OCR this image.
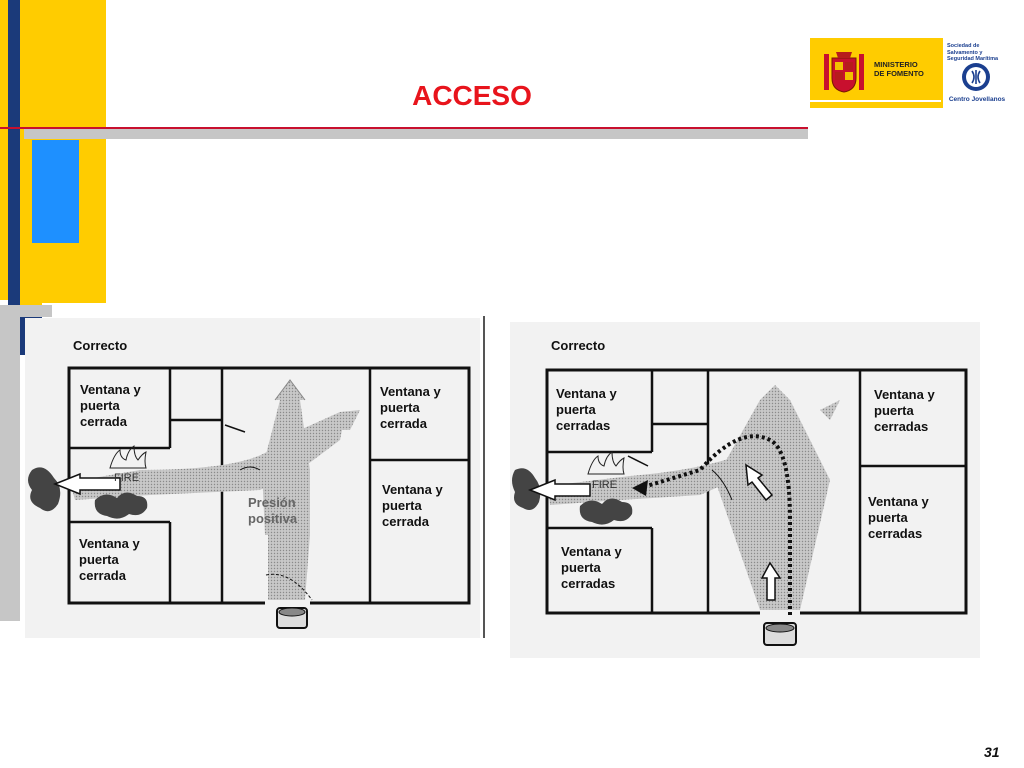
ACCESO
MINISTERIO
DE FOMENTO
Sociedad de Salvamento y Seguridad Marítima
Centro Jovellanos
Correcto
Ventana y
puerta
cerrada
Ventana y
puerta
cerrada
Ventana y
puerta
cerrada
Ventana y
puerta
cerrada
FIRE
Presión
positiva
Correcto
Ventana y
puerta
cerradas
Ventana y
puerta
cerradas
Ventana y
puerta
cerradas
Ventana y
puerta
cerradas
FIRE
31
